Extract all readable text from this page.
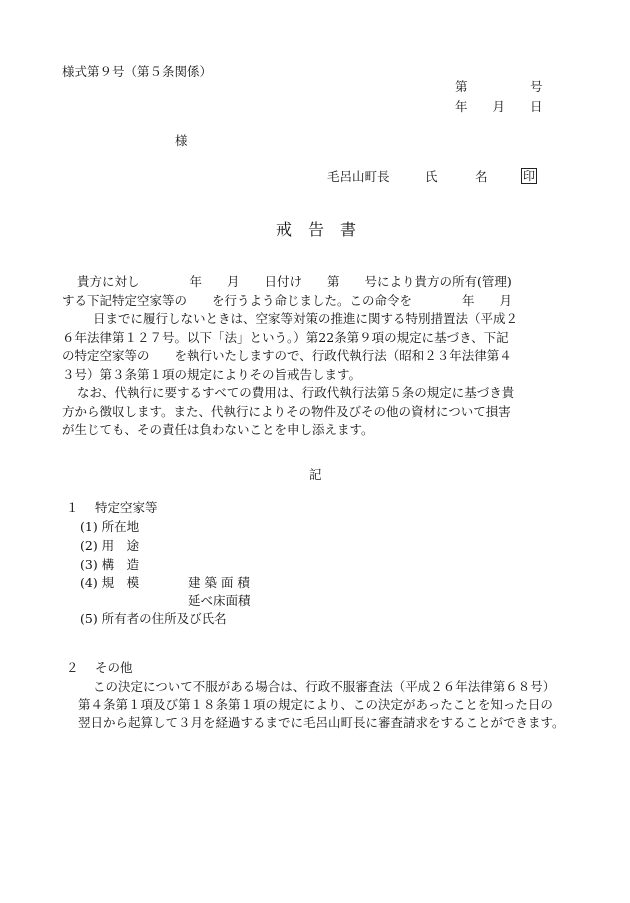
様式第９号（第５条関係）
第　　　　　号
年　　月　　日
様
毛呂山町長	氏　　　名	印
戒　告　書
貴方に対し　　　　年　　月　　日付け　　第　　号により貴方の所有(管理)
する下記特定空家等の　　を行うよう命じました。この命令を　　　　年　　月
日までに履行しないときは、空家等対策の推進に関する特別措置法（平成２
６年法律第１２７号。以下「法」という。）第22条第９項の規定に基づき、下記
の特定空家等の　　を執行いたしますので、行政代執行法（昭和２３年法律第４
３号）第３条第１項の規定によりその旨戒告します。
なお、代執行に要するすべての費用は、行政代執行法第５条の規定に基づき貴
方から徴収します。また、代執行によりその物件及びその他の資材について損害
が生じても、その責任は負わないことを申し添えます。
記
１　 特定空家等
(1) 所在地
(2) 用　途
(3) 構　造
(4) 規　模	建 築 面 積
延べ床面積
(5) 所有者の住所及び氏名
２　 その他
この決定について不服がある場合は、行政不服審査法（平成２６年法律第６８号）
第４条第１項及び第１８条第１項の規定により、この決定があったことを知った日の
翌日から起算して３月を経過するまでに毛呂山町長に審査請求をすることができます。
